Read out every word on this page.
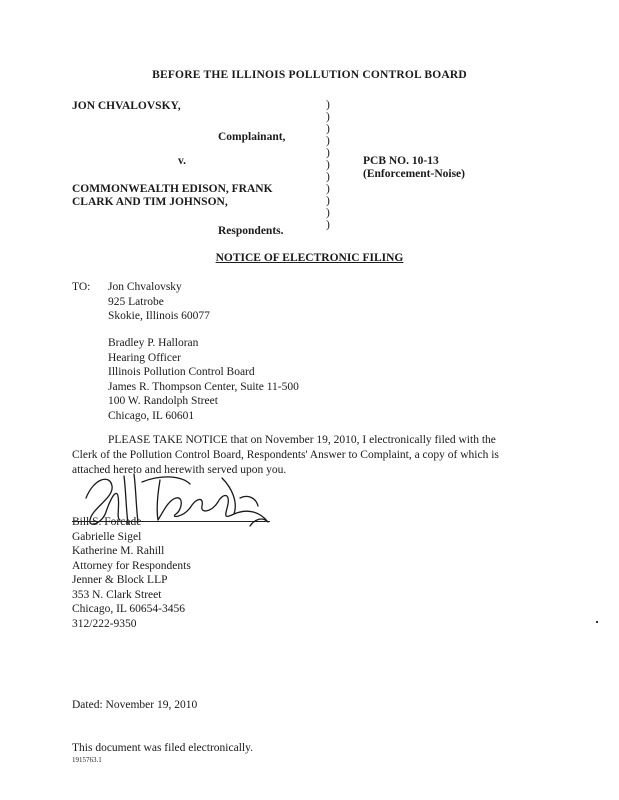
BEFORE THE ILLINOIS POLLUTION CONTROL BOARD
JON CHVALOVSKY,
Complainant,
v.
COMMONWEALTH EDISON, FRANK
CLARK AND TIM JOHNSON,
Respondents.
)
)
)
)
)
)
)
)
)
)
)
PCB NO. 10-13
(Enforcement-Noise)
NOTICE OF ELECTRONIC FILING
TO: Jon Chvalovsky
925 Latrobe
Skokie, Illinois 60077
Bradley P. Halloran
Hearing Officer
Illinois Pollution Control Board
James R. Thompson Center, Suite 11-500
100 W. Randolph Street
Chicago, IL 60601
PLEASE TAKE NOTICE that on November 19, 2010, I electronically filed with the Clerk of the Pollution Control Board, Respondents' Answer to Complaint, a copy of which is attached hereto and herewith served upon you.
Bill S. Forcade
Gabrielle Sigel
Katherine M. Rahill
Attorney for Respondents
Jenner & Block LLP
353 N. Clark Street
Chicago, IL 60654-3456
312/222-9350
Dated: November 19, 2010
This document was filed electronically.
1915763.1
